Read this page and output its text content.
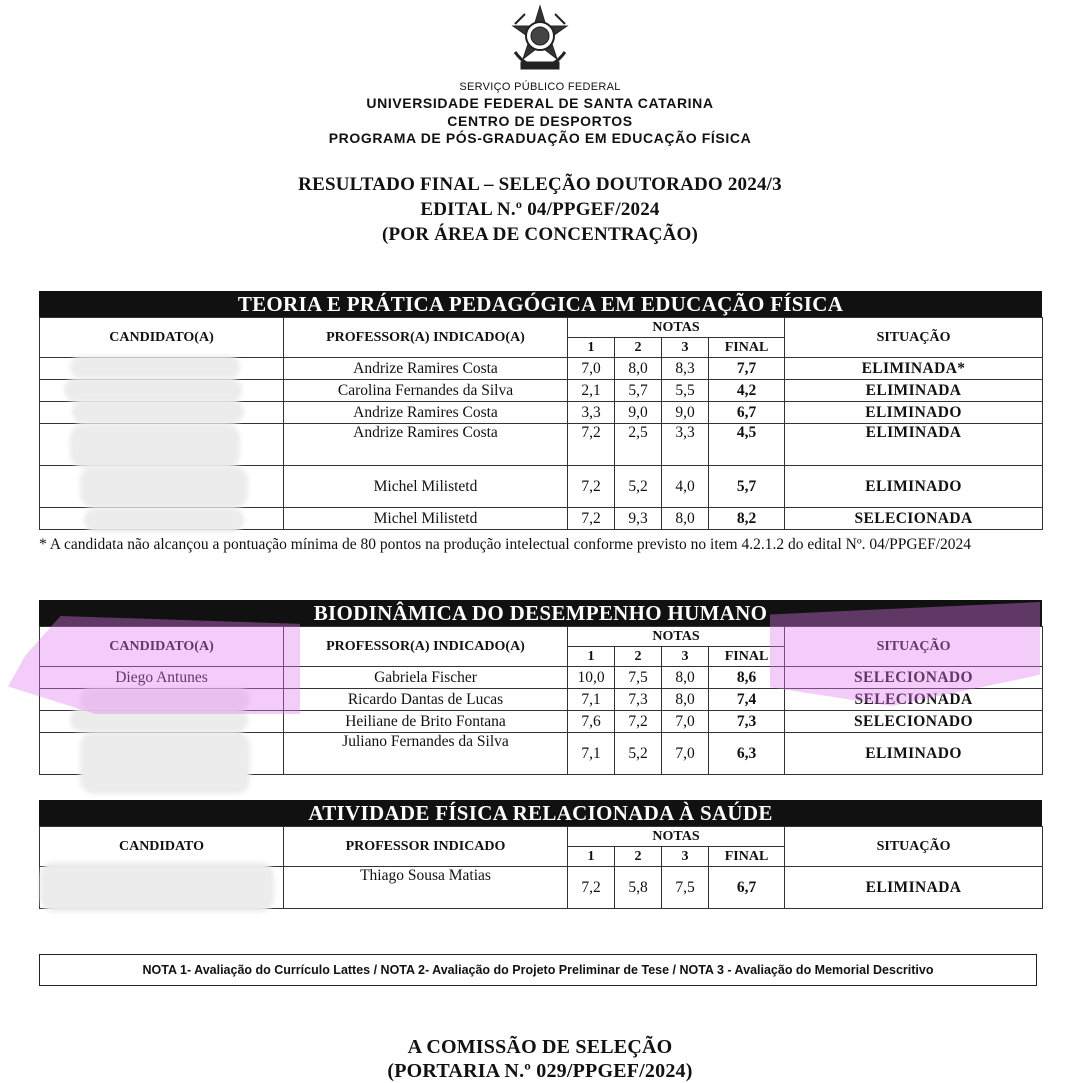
SERVIÇO PÚBLICO FEDERAL
UNIVERSIDADE FEDERAL DE SANTA CATARINA
CENTRO DE DESPORTOS
PROGRAMA DE PÓS-GRADUAÇÃO EM EDUCAÇÃO FÍSICA
RESULTADO FINAL – SELEÇÃO DOUTORADO 2024/3
EDITAL N.º 04/PPGEF/2024
(POR ÁREA DE CONCENTRAÇÃO)
TEORIA E PRÁTICA PEDAGÓGICA EM EDUCAÇÃO FÍSICA
CANDIDATO(A)	PROFESSOR(A) INDICADO(A)	NOTAS				SITUAÇÃO
		1	2	3	FINAL	
	Andrize Ramires Costa	7,0	8,0	8,3	7,7	ELIMINADA*
	Carolina Fernandes da Silva	2,1	5,7	5,5	4,2	ELIMINADA
	Andrize Ramires Costa	3,3	9,0	9,0	6,7	ELIMINADO
	Andrize Ramires Costa	7,2	2,5	3,3	4,5	ELIMINADA
	Michel Milistetd	7,2	5,2	4,0	5,7	ELIMINADO
	Michel Milistetd	7,2	9,3	8,0	8,2	SELECIONADA
* A candidata não alcançou a pontuação mínima de 80 pontos na produção intelectual conforme previsto no item 4.2.1.2 do edital Nº. 04/PPGEF/2024
BIODINÂMICA DO DESEMPENHO HUMANO
CANDIDATO(A)	PROFESSOR(A) INDICADO(A)	NOTAS				SITUAÇÃO
		1	2	3	FINAL	
Diego Antunes	Gabriela Fischer	10,0	7,5	8,0	8,6	SELECIONADO
	Ricardo Dantas de Lucas	7,1	7,3	8,0	7,4	SELECIONADA
	Heiliane de Brito Fontana	7,6	7,2	7,0	7,3	SELECIONADO
	Juliano Fernandes da Silva	7,1	5,2	7,0	6,3	ELIMINADO
ATIVIDADE FÍSICA RELACIONADA À SAÚDE
CANDIDATO	PROFESSOR INDICADO	NOTAS				SITUAÇÃO
		1	2	3	FINAL	
	Thiago Sousa Matias	7,2	5,8	7,5	6,7	ELIMINADA
NOTA 1- Avaliação do Currículo Lattes / NOTA 2- Avaliação do Projeto Preliminar de Tese / NOTA 3 - Avaliação do Memorial Descritivo
A COMISSÃO DE SELEÇÃO
(PORTARIA N.º 029/PPGEF/2024)
